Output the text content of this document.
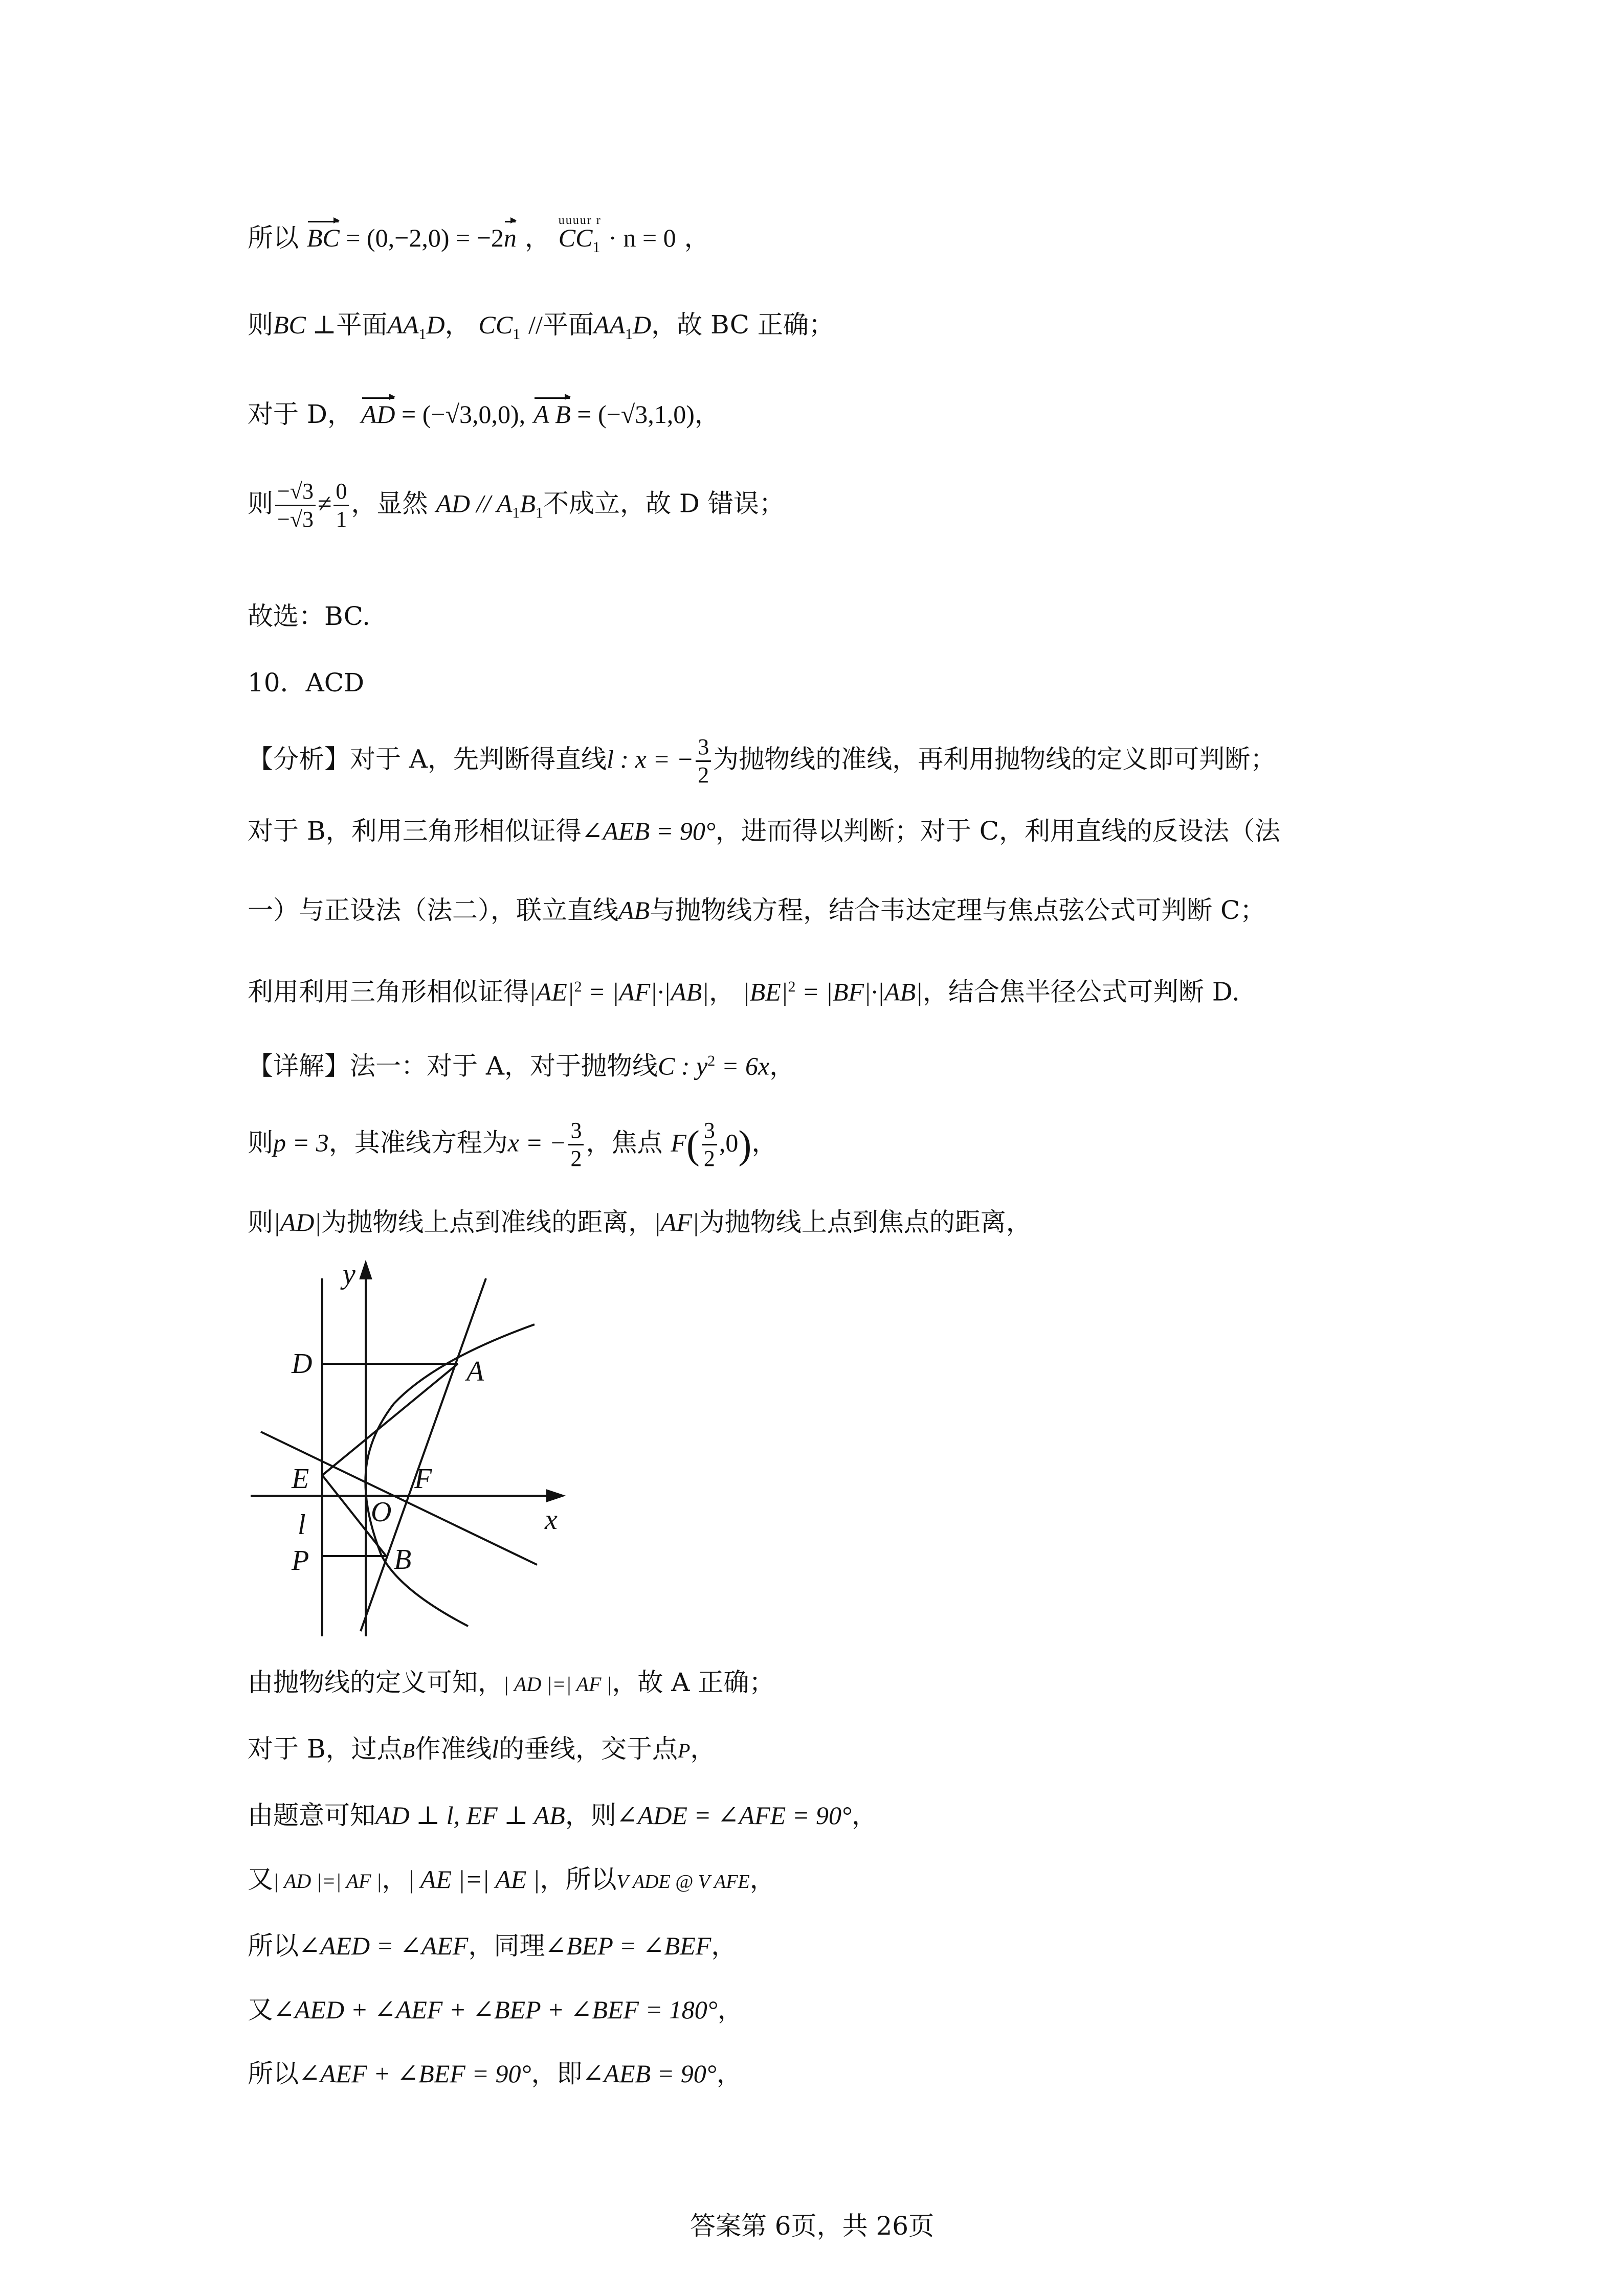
所以 BC = (0,−2,0) = −2n ，
uuuur r
$CC_1 \cdot n = 0$ ，
则BC ⊥平面$AA_1D$， $CC_1$ //平面$AA_1D$，故 BC 正确；
对于 D， AD = (−√3,0,0), A B = (−√3,1,0)，
则 $\frac{-√3}{-√3} \ne \frac{0}{1}$ ，显然 AD // $A_1B_1$不成立，故 D 错误；
故选：BC.
10．ACD
【分析】对于 A，先判断得直线l : x = − $\frac{3}{2}$ 为抛物线的准线，再利用抛物线的定义即可判断；
对于 B，利用三角形相似证得∠AEB = 90°，进而得以判断；对于 C，利用直线的反设法（法
一）与正设法（法二），联立直线AB与抛物线方程，结合韦达定理与焦点弦公式可判断 C；
利用利用三角形相似证得$|AE|^2 = |AF|\cdot|AB|$， $|BE|^2 = |BF|\cdot|AB|$，结合焦半径公式可判断 D.
【详解】法一：对于 A，对于抛物线C : $y^2 = 6x$，
则p = 3，其准线方程为x = − $\frac{3}{2}$ ，焦点 $F( \frac{3}{2} ,0)$，
则|AD|为抛物线上点到准线的距离，|AF|为抛物线上点到焦点的距离，
y
x
D	A
E	F
O
l
P	B
由抛物线的定义可知，| AD |=| AF |，故 A 正确；
对于 B，过点B作准线l的垂线，交于点P，
由题意可知AD ⊥ l, EF ⊥ AB，则∠ADE = ∠AFE = 90°，
又| AD |=| AF |，| AE |=| AE |，所以V ADE @ V AFE，
所以∠AED = ∠AEF，同理∠BEP = ∠BEF，
又∠AED + ∠AEF + ∠BEP + ∠BEF = 180°，
所以∠AEF + ∠BEF = 90°，即∠AEB = 90°，
答案第 6页，共 26页
